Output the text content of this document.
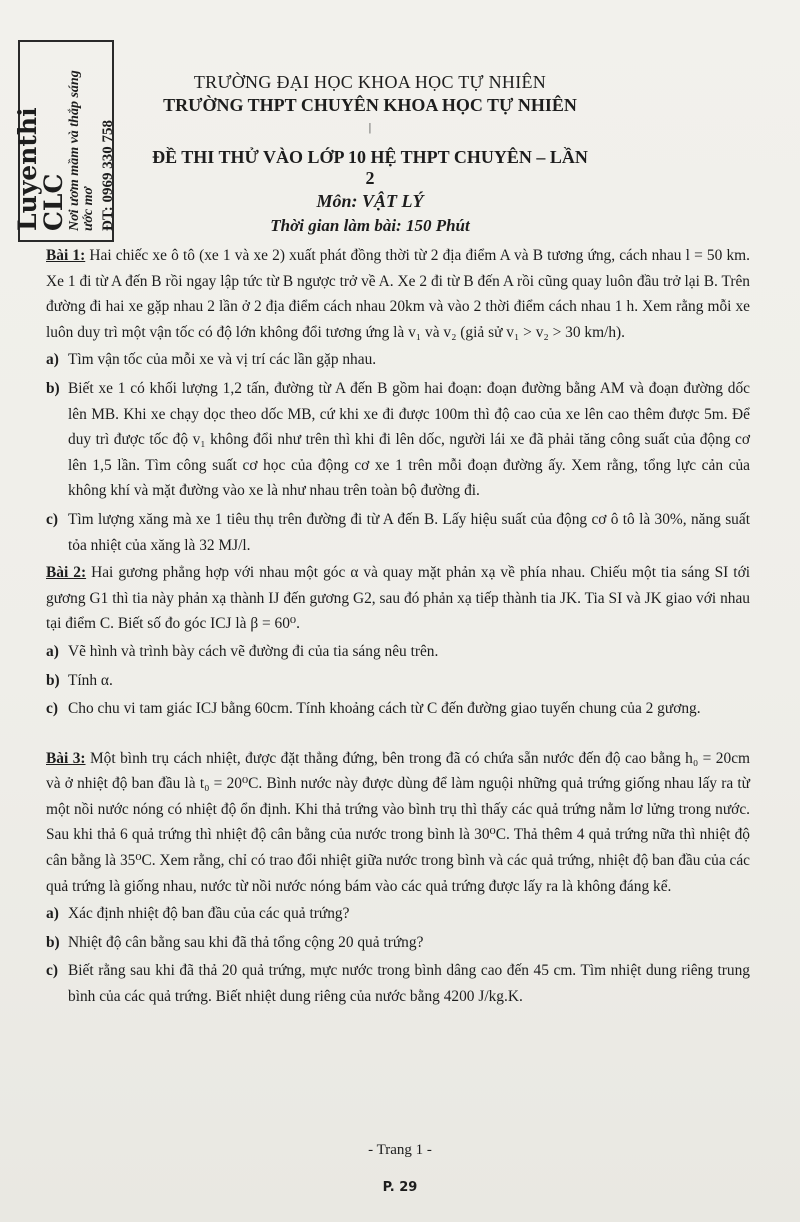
Luyenthi CLC
Nơi ươm mầm và thắp sáng ước mơ ĐT: 0969 330 758
TRƯỜNG ĐẠI HỌC KHOA HỌC TỰ NHIÊN
TRƯỜNG THPT CHUYÊN KHOA HỌC TỰ NHIÊN
|
ĐỀ THI THỬ VÀO LỚP 10 HỆ THPT CHUYÊN – LẦN 2
Môn: VẬT LÝ
Thời gian làm bài: 150 Phút

Bài 1: Hai chiếc xe ô tô (xe 1 và xe 2) xuất phát đồng thời từ 2 địa điểm A và B tương ứng, cách nhau l = 50 km. Xe 1 đi từ A đến B rồi ngay lập tức từ B ngược trở về A. Xe 2 đi từ B đến A rồi cũng quay luôn đầu trở lại B. Trên đường đi hai xe gặp nhau 2 lần ở 2 địa điểm cách nhau 20km và vào 2 thời điểm cách nhau 1 h. Xem rằng mỗi xe luôn duy trì một vận tốc có độ lớn không đổi tương ứng là v₁ và v₂ (giả sử v₁ > v₂ > 30 km/h).

a) Tìm vận tốc của mỗi xe và vị trí các lần gặp nhau.

b) Biết xe 1 có khối lượng 1,2 tấn, đường từ A đến B gồm hai đoạn: đoạn đường bằng AM và đoạn đường dốc lên MB. Khi xe chạy dọc theo dốc MB, cứ khi xe đi được 100m thì độ cao của xe lên cao thêm được 5m. Để duy trì được tốc độ v₁ không đổi như trên thì khi đi lên dốc, người lái xe đã phải tăng công suất của động cơ lên 1,5 lần. Tìm công suất cơ học của động cơ xe 1 trên mỗi đoạn đường ấy. Xem rằng, tổng lực cản của không khí và mặt đường vào xe là như nhau trên toàn bộ đường đi.

c) Tìm lượng xăng mà xe 1 tiêu thụ trên đường đi từ A đến B. Lấy hiệu suất của động cơ ô tô là 30%, năng suất tỏa nhiệt của xăng là 32 MJ/l.

Bài 2: Hai gương phẳng hợp với nhau một góc α và quay mặt phản xạ về phía nhau. Chiếu một tia sáng SI tới gương G1 thì tia này phản xạ thành IJ đến gương G2, sau đó phản xạ tiếp thành tia JK. Tia SI và JK giao với nhau tại điểm C. Biết số đo góc ICJ là β = 60⁰.

a) Vẽ hình và trình bày cách vẽ đường đi của tia sáng nêu trên.

b) Tính α.

c) Cho chu vi tam giác ICJ bằng 60cm. Tính khoảng cách từ C đến đường giao tuyến chung của 2 gương.

Bài 3: Một bình trụ cách nhiệt, được đặt thẳng đứng, bên trong đã có chứa sẵn nước đến độ cao bằng h₀ = 20cm và ở nhiệt độ ban đầu là t₀ = 20⁰C. Bình nước này được dùng để làm nguội những quả trứng giống nhau lấy ra từ một nồi nước nóng có nhiệt độ ổn định. Khi thả trứng vào bình trụ thì thấy các quả trứng nằm lơ lửng trong nước. Sau khi thả 6 quả trứng thì nhiệt độ cân bằng của nước trong bình là 30⁰C. Thả thêm 4 quả trứng nữa thì nhiệt độ cân bằng là 35⁰C. Xem rằng, chỉ có trao đổi nhiệt giữa nước trong bình và các quả trứng, nhiệt độ ban đầu của các quả trứng là giống nhau, nước từ nồi nước nóng bám vào các quả trứng được lấy ra là không đáng kể.

a) Xác định nhiệt độ ban đầu của các quả trứng?

b) Nhiệt độ cân bằng sau khi đã thả tổng cộng 20 quả trứng?

c) Biết rằng sau khi đã thả 20 quả trứng, mực nước trong bình dâng cao đến 45 cm. Tìm nhiệt dung riêng trung bình của các quả trứng. Biết nhiệt dung riêng của nước bằng 4200 J/kg.K.

- Trang 1 -
P. 29
